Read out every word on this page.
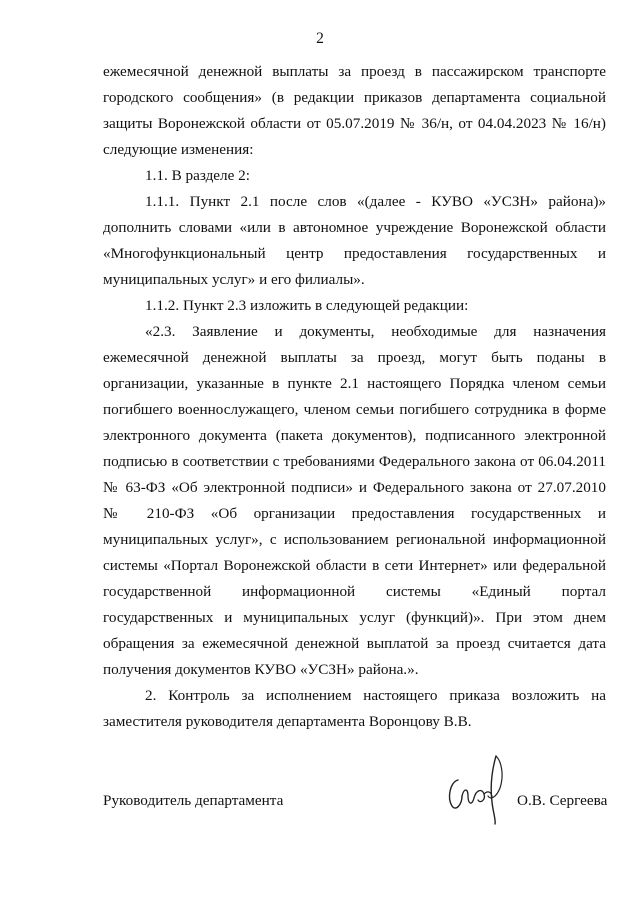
2
ежемесячной денежной выплаты за проезд в пассажирском транспорте
городского сообщения» (в редакции приказов департамента социальной
защиты Воронежской области от 05.07.2019 № 36/н, от 04.04.2023 № 16/н)
следующие изменения:
1.1. В разделе 2:
1.1.1. Пункт 2.1 после слов «(далее - КУВО «УСЗН» района)»
дополнить словами «или в автономное учреждение Воронежской области
«Многофункциональный центр предоставления государственных и
муниципальных услуг» и его филиалы».
1.1.2. Пункт 2.3 изложить в следующей редакции:
«2.3. Заявление и документы, необходимые для назначения
ежемесячной денежной выплаты за проезд, могут быть поданы в
организации, указанные в пункте 2.1 настоящего Порядка членом семьи
погибшего военнослужащего, членом семьи погибшего сотрудника в форме
электронного документа (пакета документов), подписанного электронной
подписью в соответствии с требованиями Федерального закона от 06.04.2011
№ 63-ФЗ «Об электронной подписи» и Федерального закона от 27.07.2010
№ 210-ФЗ «Об организации предоставления государственных и
муниципальных услуг», с использованием региональной информационной
системы «Портал Воронежской области в сети Интернет» или федеральной
государственной информационной системы «Единый портал
государственных и муниципальных услуг (функций)». При этом днем
обращения за ежемесячной денежной выплатой за проезд считается дата
получения документов КУВО «УСЗН» района.».
2. Контроль за исполнением настоящего приказа возложить на
заместителя руководителя департамента Воронцову В.В.
Руководитель департамента	О.В. Сергеева
